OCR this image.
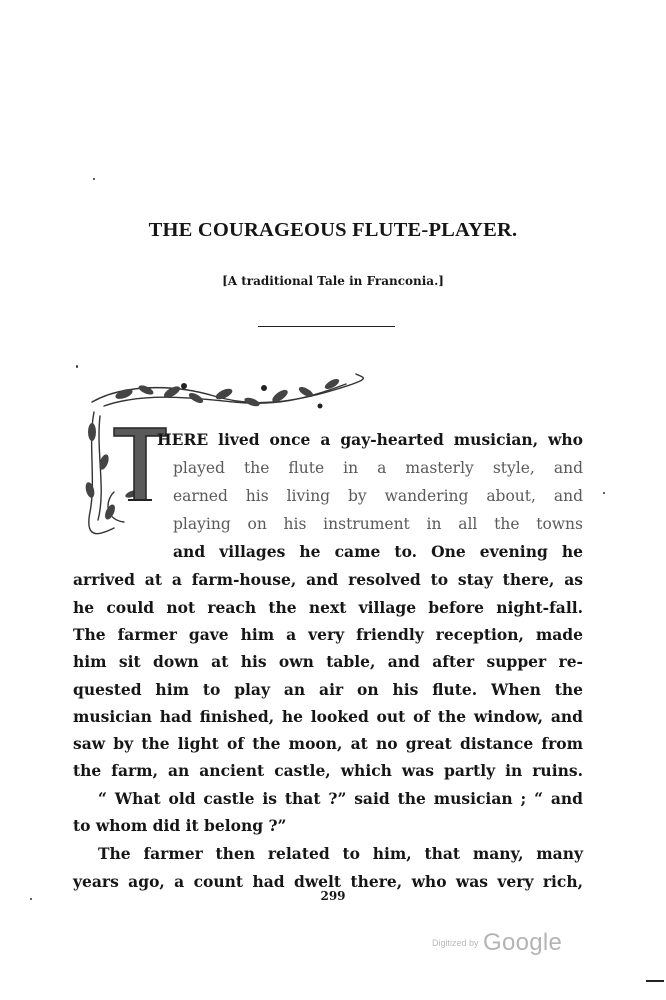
THE COURAGEOUS FLUTE-PLAYER.

[A traditional Tale in Franconia.]

HERE lived once a gay-hearted musician, who

played the flute in a masterly style, and

earned his living by wandering about, and

playing on his instrument in all the towns

and villages he came to. One evening he

arrived at a farm-house, and resolved to stay there, as

he could not reach the next village before night-fall.

The farmer gave him a very friendly reception, made

him sit down at his own table, and after supper re-

quested him to play an air on his flute. When the

musician had finished, he looked out of the window, and

saw by the light of the moon, at no great distance from

the farm, an ancient castle, which was partly in ruins.

“ What old castle is that ?” said the musician ; “ and

to whom did it belong ?”

The farmer then related to him, that many, many

years ago, a count had dwelt there, who was very rich,

299

$^{Digitized by}$ Google
